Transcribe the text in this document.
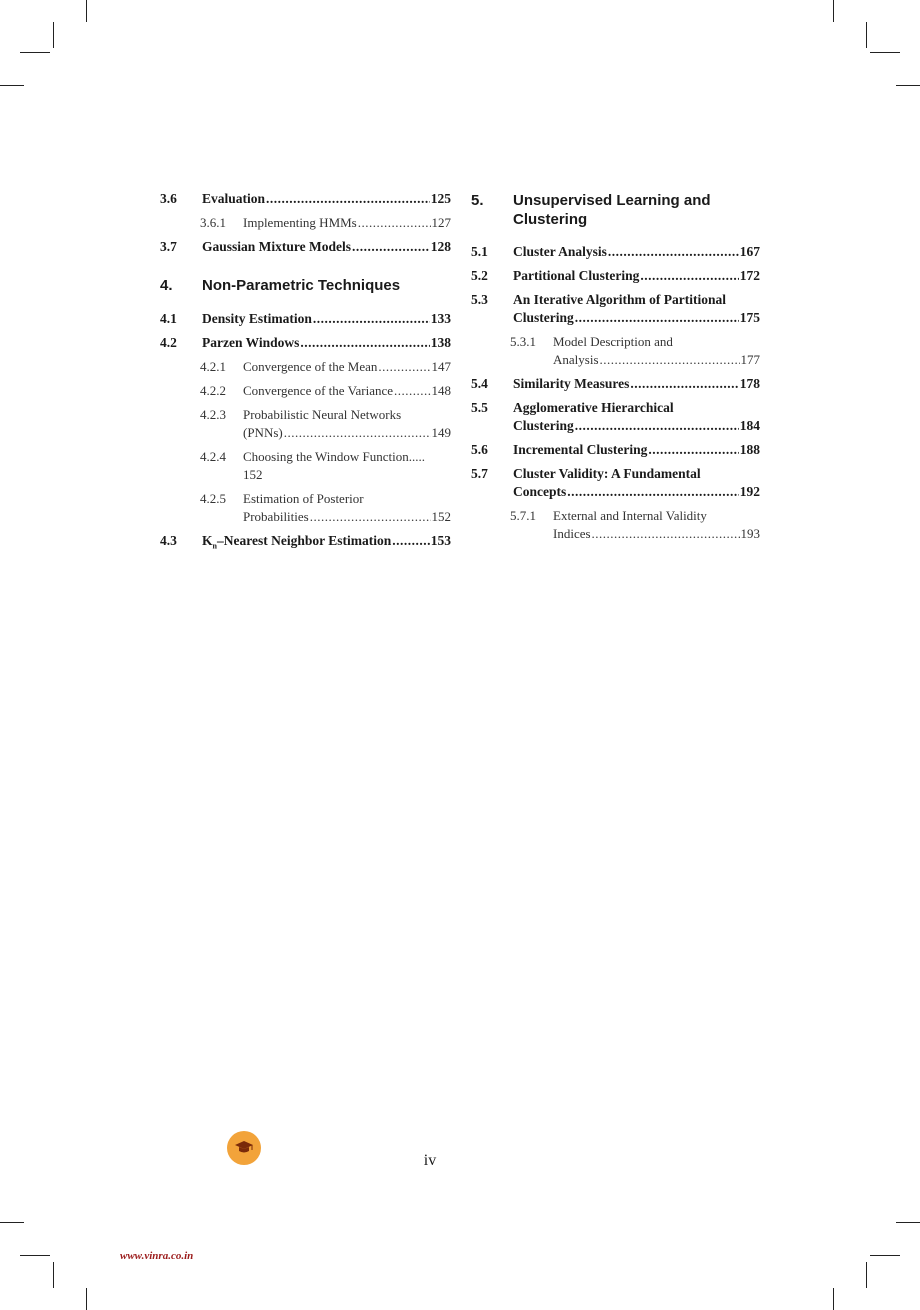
3.6 Evaluation .....	125
3.6.1 Implementing HMMs .....	127
3.7 Gaussian Mixture Models .....	128
4. Non-Parametric Techniques
4.1 Density Estimation .....	133
4.2 Parzen Windows .....	138
4.2.1 Convergence of the Mean .....	147
4.2.2 Convergence of the Variance .....	148
4.2.3 Probabilistic Neural Networks
(PNNs) .....	149
4.2.4 Choosing the Window Function.....
152
4.2.5 Estimation of Posterior
Probabilities .....	152
4.3 $K_n$–Nearest Neighbor Estimation .....	153
5. Unsupervised Learning and
Clustering
5.1 Cluster Analysis .....	167
5.2 Partitional Clustering .....	172
5.3 An Iterative Algorithm of Partitional
Clustering .....	175
5.3.1 Model Description and
Analysis .....	177
5.4 Similarity Measures .....	178
5.5 Agglomerative Hierarchical
Clustering .....	184
5.6 Incremental Clustering .....	188
5.7 Cluster Validity: A Fundamental
Concepts .....	192
5.7.1 External and Internal Validity
Indices .....	193
iv
www.vinra.co.in
